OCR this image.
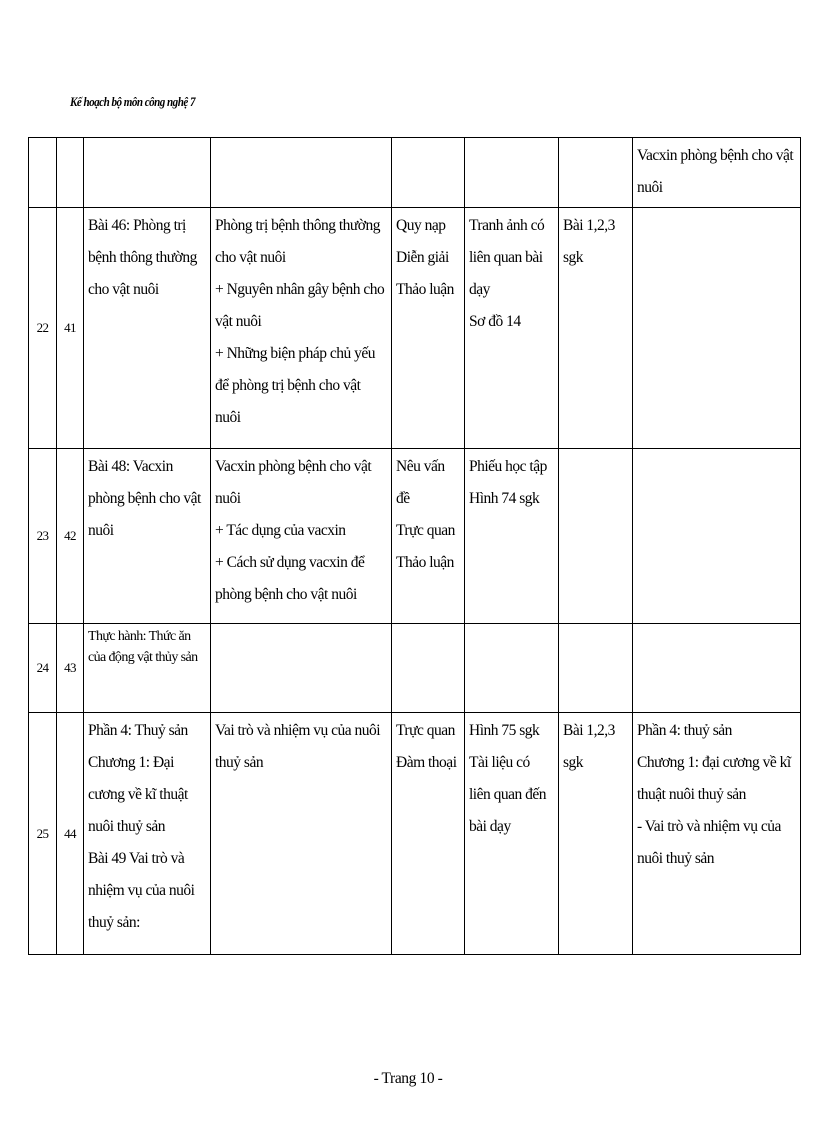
Kế hoạch bộ môn công nghệ 7

							Vacxin phòng bệnh cho vật nuôi

22	41	Bài 46: Phòng trị bệnh thông thường cho vật nuôi	Phòng trị bệnh thông thường cho vật nuôi
+ Nguyên nhân gây bệnh cho vật nuôi
+ Những biện pháp chủ yếu để phòng trị bệnh cho vật nuôi	Quy nạp
Diễn giải
Thảo luận	Tranh ảnh có liên quan bài dạy
Sơ đồ 14	Bài 1,2,3 sgk	

23	42	Bài 48: Vacxin phòng bệnh cho vật nuôi	Vacxin phòng bệnh cho vật nuôi
+ Tác dụng của vacxin
+ Cách sử dụng vacxin để phòng bệnh cho vật nuôi	Nêu vấn đề
Trực quan
Thảo luận	Phiếu học tập
Hình 74 sgk		

24	43	Thực hành: Thức ăn của động vật thủy sản					

25	44	Phần 4: Thuỷ sản
Chương 1: Đại cương về kĩ thuật nuôi thuỷ sản
Bài 49 Vai trò và nhiệm vụ của nuôi thuỷ sản:	Vai trò và nhiệm vụ của nuôi thuỷ sản	Trực quan
Đàm thoại	Hình 75 sgk
Tài liệu có liên quan đến bài dạy	Bài 1,2,3 sgk	Phần 4: thuỷ sản
Chương 1: đại cương về kĩ thuật nuôi thuỷ sản
- Vai trò và nhiệm vụ của nuôi thuỷ sản
- Trang 10 -
